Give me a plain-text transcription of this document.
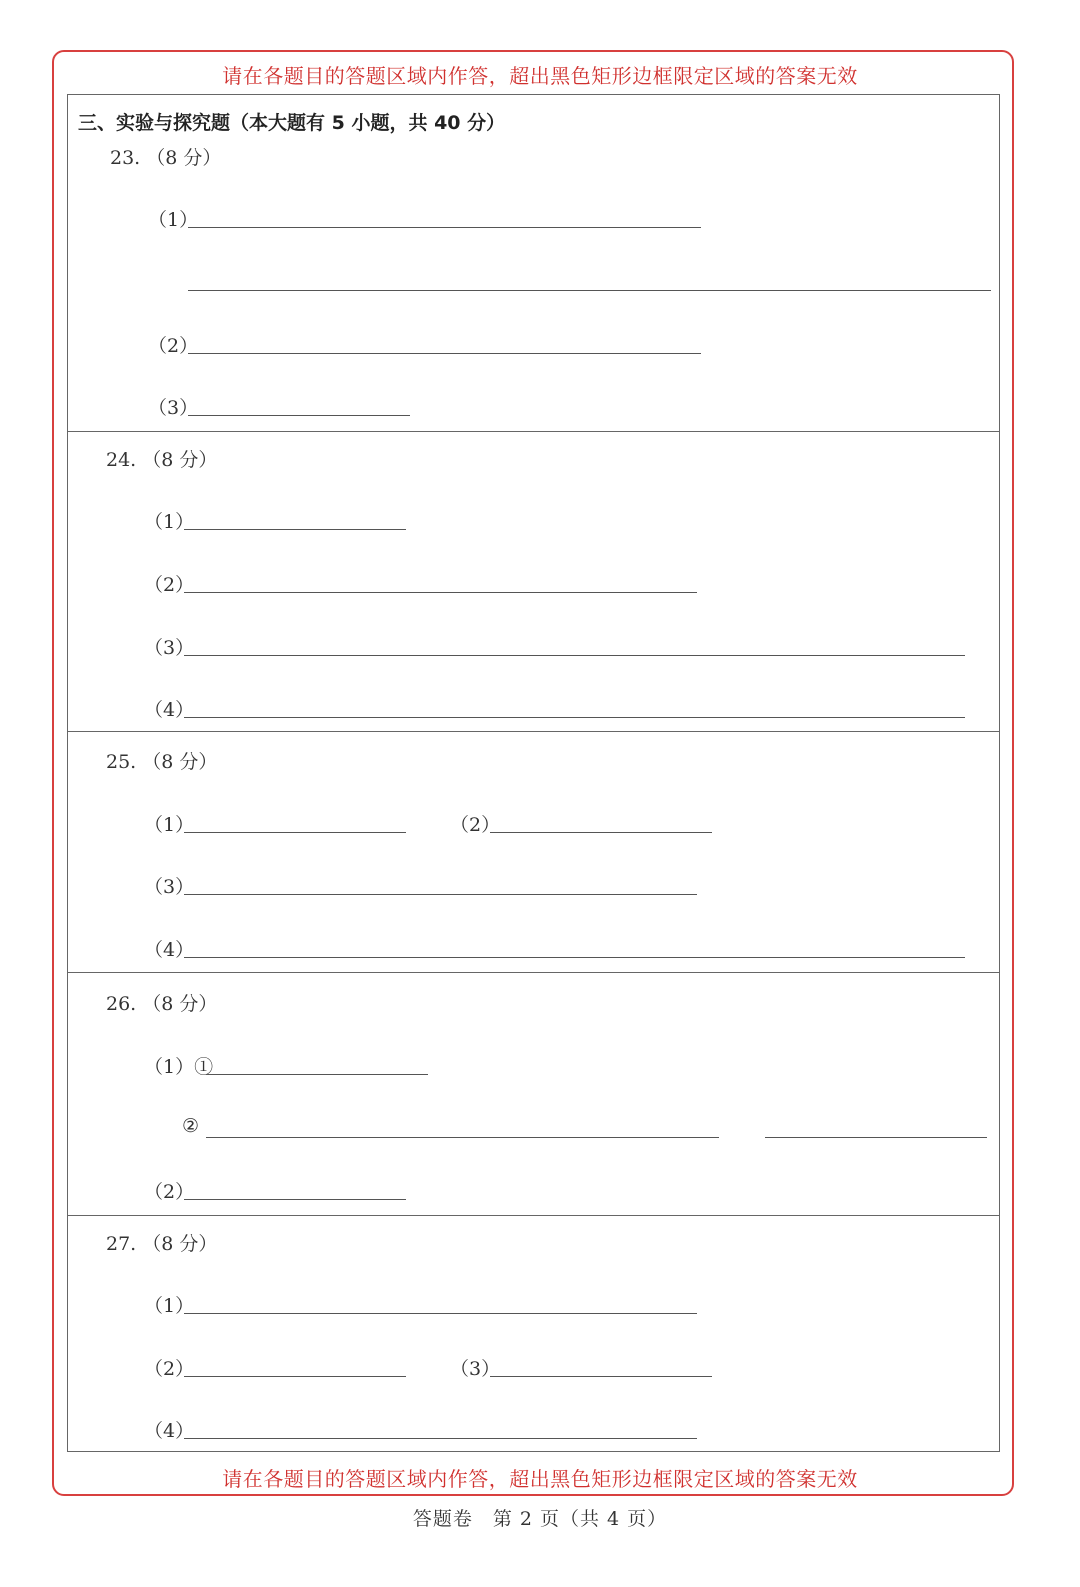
请在各题目的答题区域内作答，超出黑色矩形边框限定区域的答案无效
三、实验与探究题（本大题有 5 小题，共 40 分）
23. （8 分）
（1）
（2）
（3）
24. （8 分）
（1）
（2）
（3）
（4）
25. （8 分）
（1）	（2）
（3）
（4）
26. （8 分）
（1）①
②
（2）
27. （8 分）
（1）
（2）	（3）
（4）
请在各题目的答题区域内作答，超出黑色矩形边框限定区域的答案无效
答题卷　第 2 页（共 4 页）
